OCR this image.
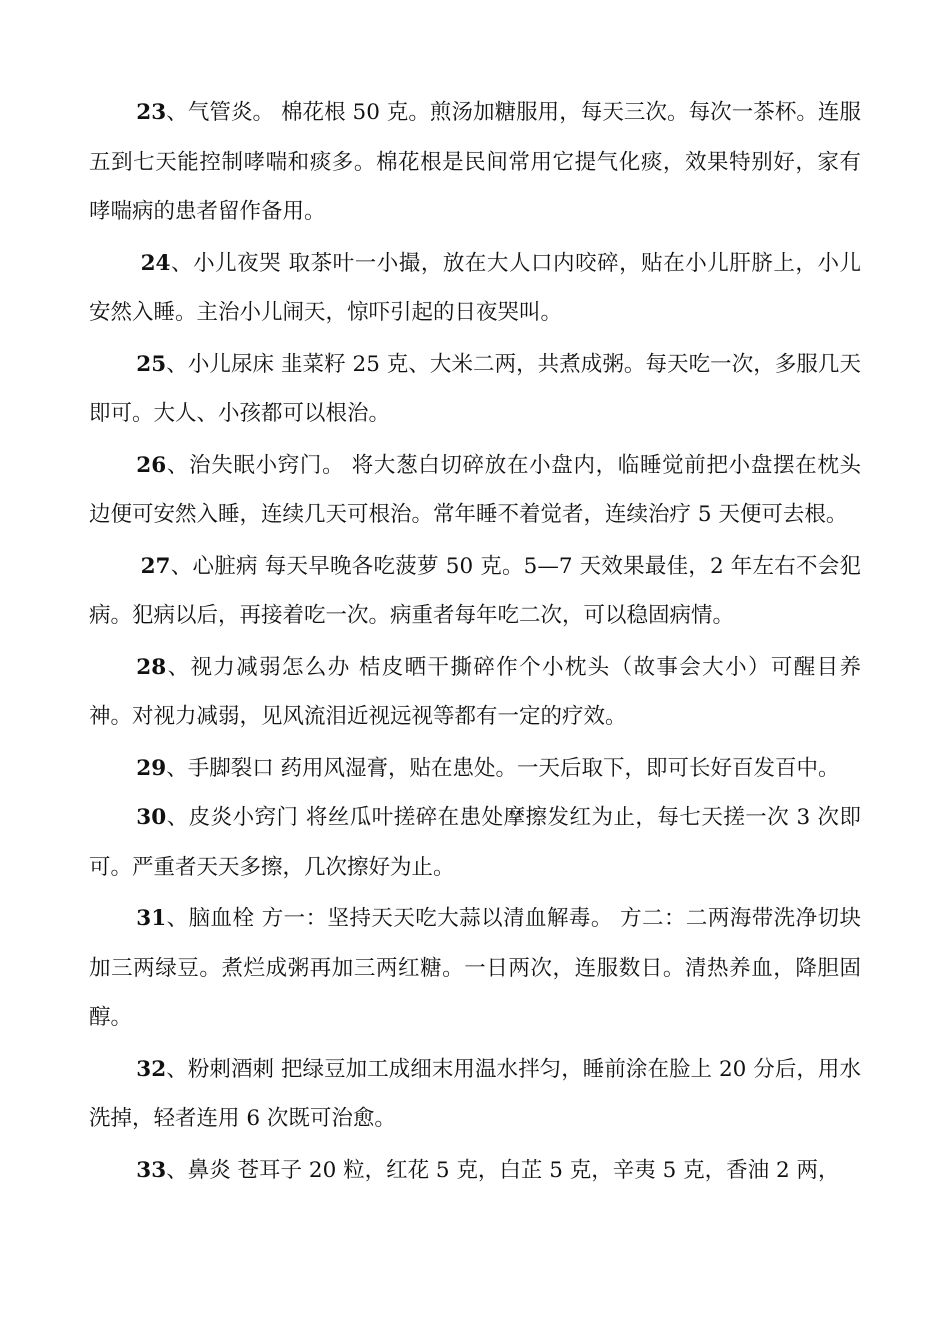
23、气管炎。 棉花根 50 克。煎汤加糖服用，每天三次。每次一茶杯。连服五到七天能控制哮喘和痰多。棉花根是民间常用它提气化痰，效果特别好，家有哮喘病的患者留作备用。

24、小儿夜哭 取茶叶一小撮，放在大人口内咬碎，贴在小儿肝脐上，小儿安然入睡。主治小儿闹天，惊吓引起的日夜哭叫。

25、小儿尿床 韭菜籽 25 克、大米二两，共煮成粥。每天吃一次，多服几天即可。大人、小孩都可以根治。

26、治失眠小窍门。 将大葱白切碎放在小盘内，临睡觉前把小盘摆在枕头边便可安然入睡，连续几天可根治。常年睡不着觉者，连续治疗 5 天便可去根。

27、心脏病 每天早晚各吃菠萝 50 克。5—7 天效果最佳，2 年左右不会犯病。犯病以后，再接着吃一次。病重者每年吃二次，可以稳固病情。

28、视力减弱怎么办 桔皮晒干撕碎作个小枕头（故事会大小）可醒目养神。对视力减弱，见风流泪近视远视等都有一定的疗效。

29、手脚裂口 药用风湿膏，贴在患处。一天后取下，即可长好百发百中。

30、皮炎小窍门 将丝瓜叶搓碎在患处摩擦发红为止，每七天搓一次 3 次即可。严重者天天多擦，几次擦好为止。

31、脑血栓 方一：坚持天天吃大蒜以清血解毒。 方二：二两海带洗净切块加三两绿豆。煮烂成粥再加三两红糖。一日两次，连服数日。清热养血，降胆固醇。

32、粉刺酒刺 把绿豆加工成细末用温水拌匀，睡前涂在脸上 20 分后，用水洗掉，轻者连用 6 次既可治愈。

33、鼻炎 苍耳子 20 粒，红花 5 克，白芷 5 克，辛夷 5 克，香油 2 两，
